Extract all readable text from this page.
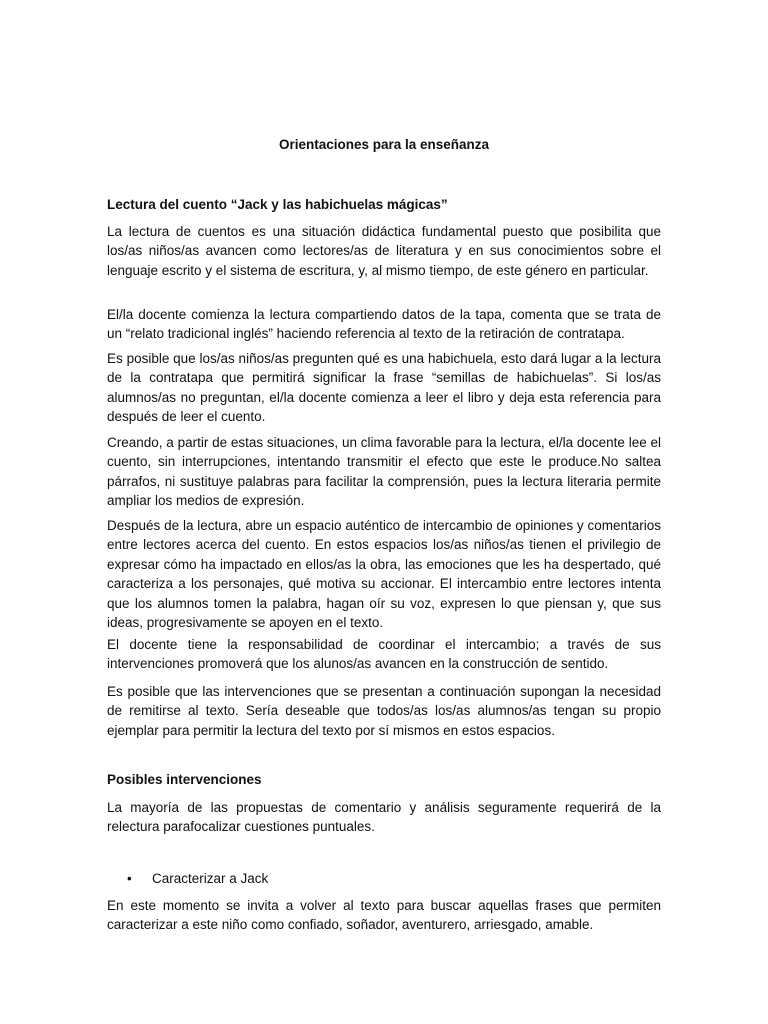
Orientaciones para la enseñanza
Lectura del cuento “Jack y las habichuelas mágicas”

La lectura de cuentos es una situación didáctica fundamental puesto que posibilita que los/as niños/as avancen como lectores/as de literatura y en sus conocimientos sobre el lenguaje escrito y el sistema de escritura, y, al mismo tiempo, de este género en particular.

El/la docente comienza la lectura compartiendo datos de la tapa, comenta que se trata de un “relato tradicional inglés” haciendo referencia al texto de la retiración de contratapa.

Es posible que los/as niños/as pregunten qué es una habichuela, esto dará lugar a la lectura de la contratapa que permitirá significar la frase “semillas de habichuelas”. Si los/as alumnos/as no preguntan, el/la docente comienza a leer el libro y deja esta referencia para después de leer el cuento.

Creando, a partir de estas situaciones, un clima favorable para la lectura, el/la docente lee el cuento, sin interrupciones, intentando transmitir el efecto que este le produce.No saltea párrafos, ni sustituye palabras para facilitar la comprensión, pues la lectura literaria permite ampliar los medios de expresión.

Después de la lectura, abre un espacio auténtico de intercambio de opiniones y comentarios entre lectores acerca del cuento. En estos espacios los/as niños/as tienen el privilegio de expresar cómo ha impactado en ellos/as la obra, las emociones que les ha despertado, qué caracteriza a los personajes, qué motiva su accionar. El intercambio entre lectores intenta que los alumnos tomen la palabra, hagan oír su voz, expresen lo que piensan y, que sus ideas, progresivamente se apoyen en el texto.

El docente tiene la responsabilidad de coordinar el intercambio; a través de sus intervenciones promoverá que los alunos/as avancen en la construcción de sentido.

Es posible que las intervenciones que se presentan a continuación supongan la necesidad de remitirse al texto. Sería deseable que todos/as los/as alumnos/as tengan su propio ejemplar para permitir la lectura del texto por sí mismos en estos espacios.

Posibles intervenciones

La mayoría de las propuestas de comentario y análisis seguramente requerirá de la relectura parafocalizar cuestiones puntuales.

• Caracterizar a Jack

En este momento se invita a volver al texto para buscar aquellas frases que permiten caracterizar a este niño como confiado, soñador, aventurero, arriesgado, amable.
